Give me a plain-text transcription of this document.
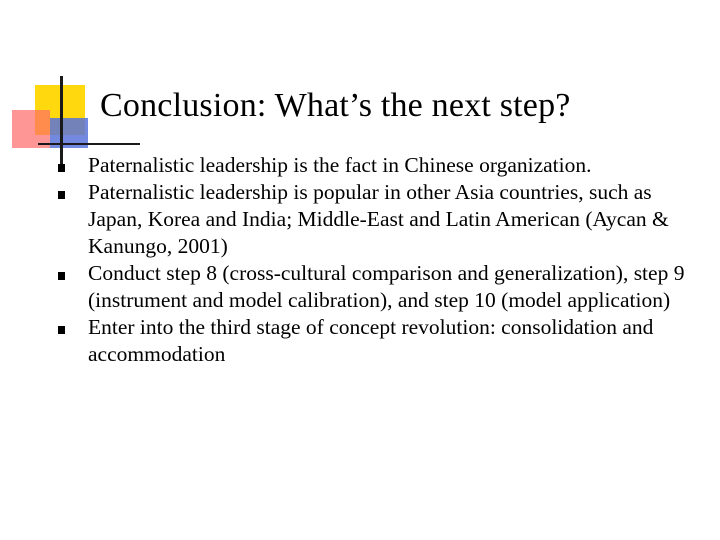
Conclusion: What’s the next step?
Paternalistic leadership is the fact in Chinese organization.
Paternalistic leadership is popular in other Asia countries, such as Japan, Korea and India; Middle-East and Latin American (Aycan & Kanungo, 2001)
Conduct step 8 (cross-cultural comparison and generalization), step 9 (instrument and model calibration), and step 10 (model application)
Enter into the third stage of concept revolution: consolidation and accommodation
